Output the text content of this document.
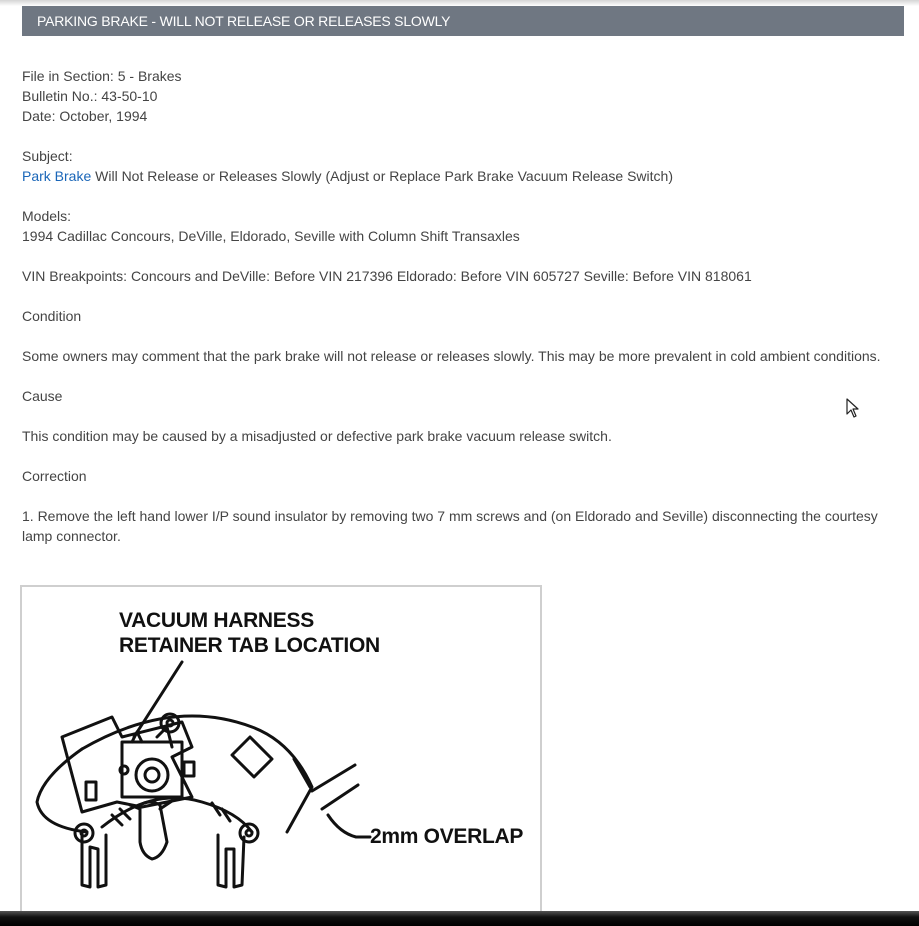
PARKING BRAKE - WILL NOT RELEASE OR RELEASES SLOWLY

File in Section: 5 - Brakes
Bulletin No.: 43-50-10
Date: October, 1994

Subject:
Park Brake Will Not Release or Releases Slowly (Adjust or Replace Park Brake Vacuum Release Switch)

Models:
1994 Cadillac Concours, DeVille, Eldorado, Seville with Column Shift Transaxles

VIN Breakpoints: Concours and DeVille: Before VIN 217396 Eldorado: Before VIN 605727 Seville: Before VIN 818061

Condition

Some owners may comment that the park brake will not release or releases slowly. This may be more prevalent in cold ambient conditions.

Cause

This condition may be caused by a misadjusted or defective park brake vacuum release switch.

Correction

1. Remove the left hand lower I/P sound insulator by removing two 7 mm screws and (on Eldorado and Seville) disconnecting the courtesy lamp connector.

VACUUM HARNESS
RETAINER TAB LOCATION
2mm OVERLAP
